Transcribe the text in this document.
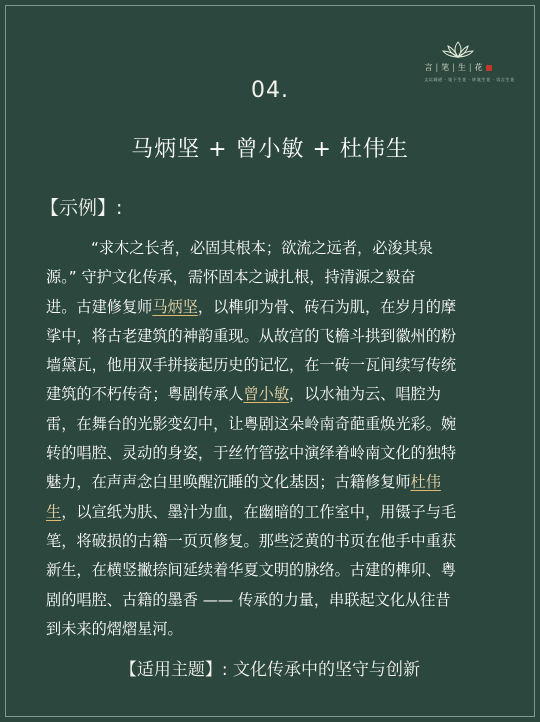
言 | 笔 | 生 | 花
文以载道 · 笔下生花 · 妙笔生花 · 语言生花
04.
马炳坚 + 曾小敏 + 杜伟生
【示例】:
“求木之长者，必固其根本；欲流之远者，必浚其泉
源。” 守护文化传承，需怀固本之诚扎根，持清源之毅奋
进。古建修复师马炳坚，以榫卯为骨、砖石为肌，在岁月的摩
挲中，将古老建筑的神韵重现。从故宫的飞檐斗拱到徽州的粉
墙黛瓦，他用双手拼接起历史的记忆，在一砖一瓦间续写传统
建筑的不朽传奇；粤剧传承人曾小敏，以水袖为云、唱腔为
雷，在舞台的光影变幻中，让粤剧这朵岭南奇葩重焕光彩。婉
转的唱腔、灵动的身姿，于丝竹管弦中演绎着岭南文化的独特
魅力，在声声念白里唤醒沉睡的文化基因；古籍修复师杜伟
生，以宣纸为肤、墨汁为血，在幽暗的工作室中，用镊子与毛
笔，将破损的古籍一页页修复。那些泛黄的书页在他手中重获
新生，在横竖撇捺间延续着华夏文明的脉络。古建的榫卯、粤
剧的唱腔、古籍的墨香 —— 传承的力量，串联起文化从往昔
到未来的熠熠星河。
【适用主题】: 文化传承中的坚守与创新
